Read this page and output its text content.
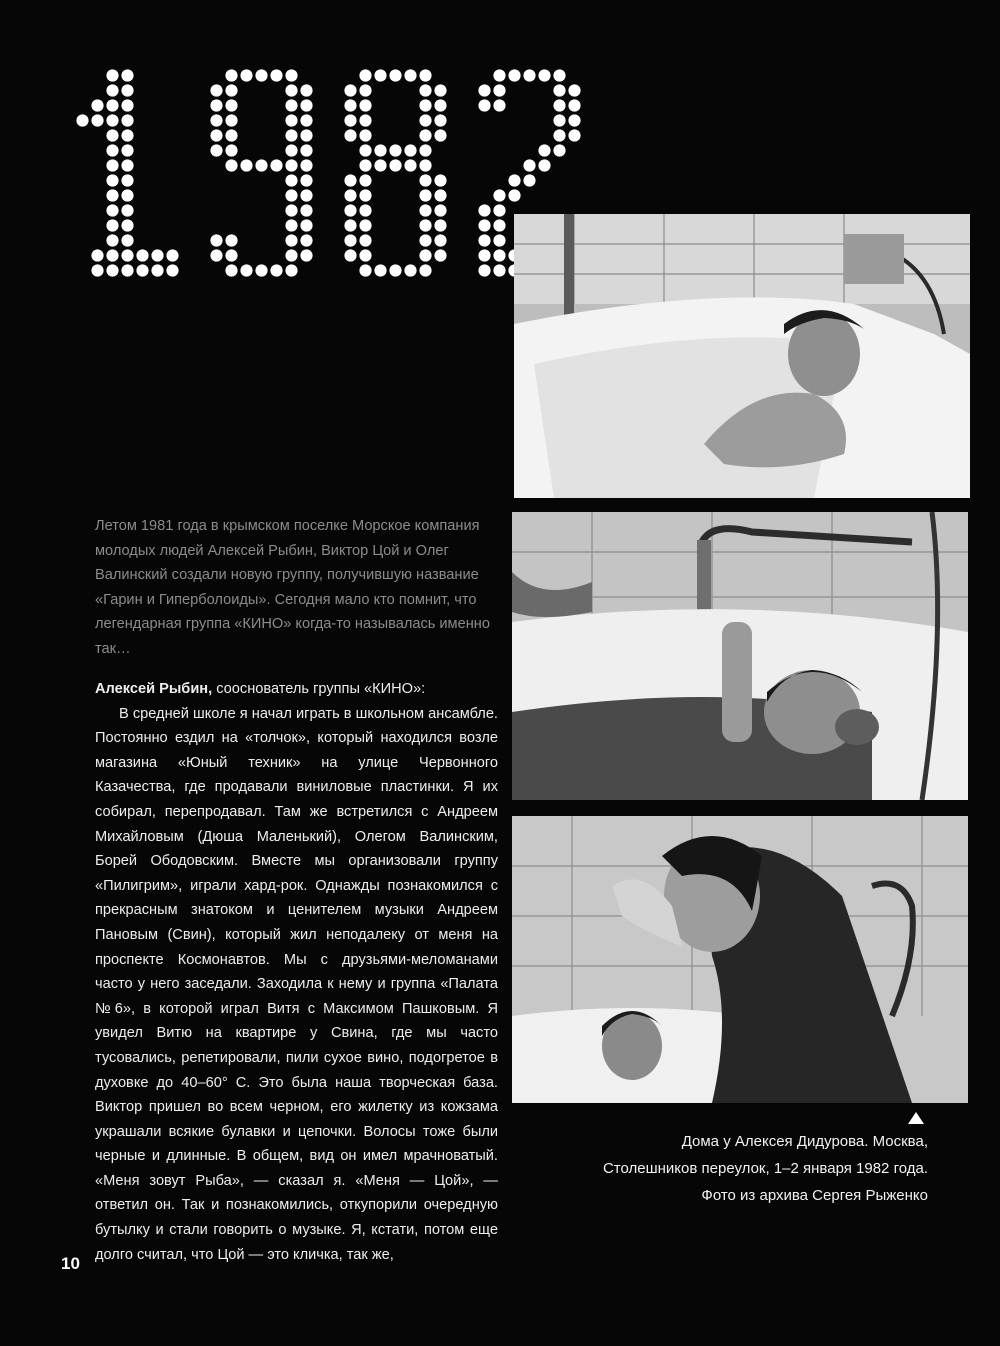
Летом 1981 года в крымском поселке Морское компания молодых людей Алексей Рыбин, Виктор Цой и Олег Валинский создали новую группу, получившую название «Гарин и Гиперболоиды». Сегодня мало кто помнит, что легендарная группа «КИНО» когда-то называлась именно так…

Алексей Рыбин, сооснователь группы «КИНО»:

В средней школе я начал играть в школьном ансамбле. Постоянно ездил на «толчок», который находился возле магазина «Юный техник» на улице Червонного Казачества, где продавали виниловые пластинки. Я их собирал, перепродавал. Там же встретился с Андреем Михайловым (Дюша Маленький), Олегом Валинским, Борей Ободовским. Вместе мы организовали группу «Пилигрим», играли хард-рок. Однажды познакомился с прекрасным знатоком и ценителем музыки Андреем Пановым (Свин), который жил неподалеку от меня на проспекте Космонавтов. Мы с друзьями-меломанами часто у него заседали. Заходила к нему и группа «Палата №6», в которой играл Витя с Максимом Пашковым. Я увидел Витю на квартире у Свина, где мы часто тусовались, репетировали, пили сухое вино, подогретое в духовке до 40–60° С. Это была наша творческая база. Виктор пришел во всем черном, его жилетку из кожзама украшали всякие булавки и цепочки. Волосы тоже были черные и длинные. В общем, вид он имел мрачноватый. «Меня зовут Рыба», — сказал я. «Меня — Цой», — ответил он. Так и познакомились, откупорили очередную бутылку и стали говорить о музыке. Я, кстати, потом еще долго считал, что Цой — это кличка, так же,

Дома у Алексея Дидурова. Москва,
Столешников переулок, 1–2 января 1982 года.
Фото из архива Сергея Рыженко
10
